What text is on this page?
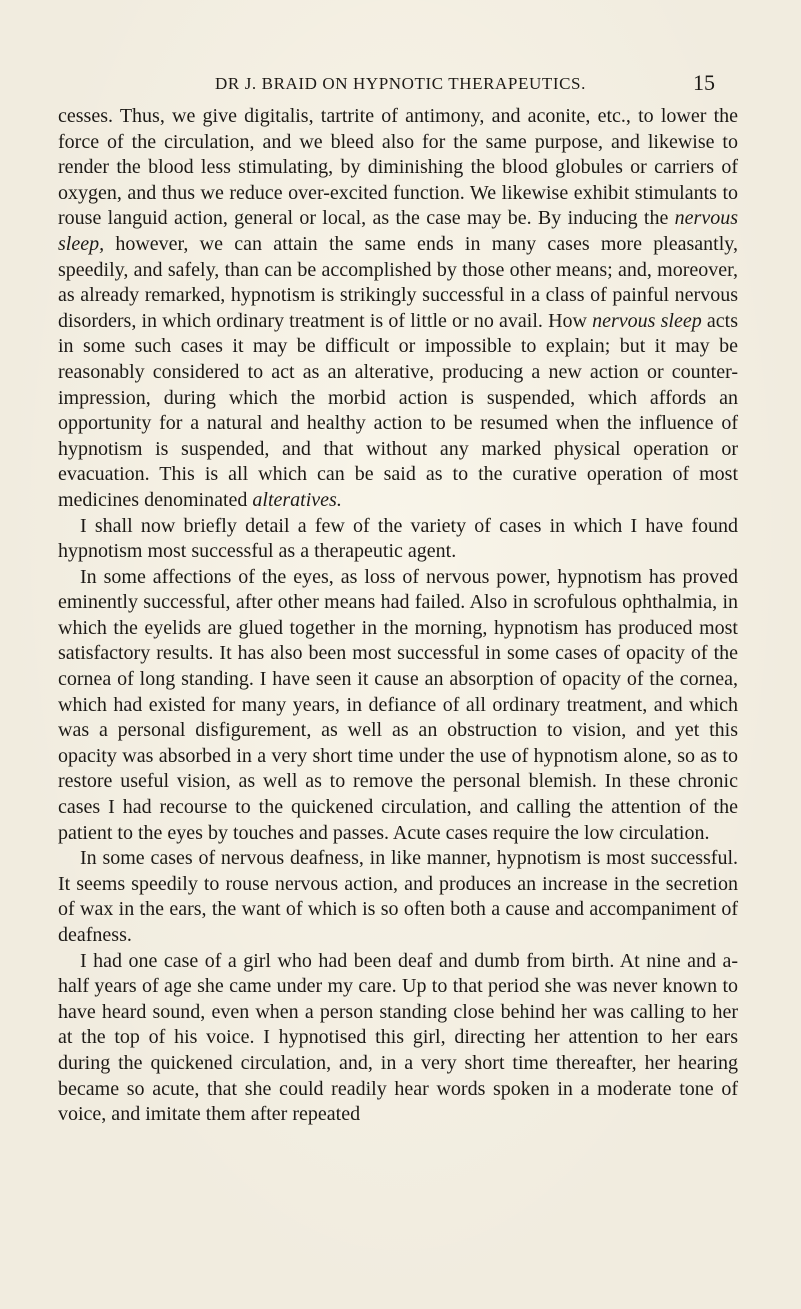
DR J. BRAID ON HYPNOTIC THERAPEUTICS.	15

cesses. Thus, we give digitalis, tartrite of antimony, and aconite, etc., to lower the force of the circulation, and we bleed also for the same purpose, and likewise to render the blood less stimulating, by diminishing the blood globules or carriers of oxygen, and thus we reduce over-excited function. We likewise exhibit stimulants to rouse languid action, general or local, as the case may be. By inducing the nervous sleep, however, we can attain the same ends in many cases more pleasantly, speedily, and safely, than can be accomplished by those other means; and, moreover, as already remarked, hypnotism is strikingly successful in a class of painful nervous disorders, in which ordinary treatment is of little or no avail. How nervous sleep acts in some such cases it may be difficult or impossible to explain; but it may be reasonably considered to act as an alterative, producing a new action or counter-impression, during which the morbid action is suspended, which affords an opportunity for a natural and healthy action to be resumed when the influence of hypnotism is suspended, and that without any marked physical operation or evacuation. This is all which can be said as to the curative operation of most medicines denominated alteratives.

I shall now briefly detail a few of the variety of cases in which I have found hypnotism most successful as a therapeutic agent.

In some affections of the eyes, as loss of nervous power, hypnotism has proved eminently successful, after other means had failed. Also in scrofulous ophthalmia, in which the eyelids are glued together in the morning, hypnotism has produced most satisfactory results. It has also been most successful in some cases of opacity of the cornea of long standing. I have seen it cause an absorption of opacity of the cornea, which had existed for many years, in defiance of all ordinary treatment, and which was a personal disfigurement, as well as an obstruction to vision, and yet this opacity was absorbed in a very short time under the use of hypnotism alone, so as to restore useful vision, as well as to remove the personal blemish. In these chronic cases I had recourse to the quickened circulation, and calling the attention of the patient to the eyes by touches and passes. Acute cases require the low circulation.

In some cases of nervous deafness, in like manner, hypnotism is most successful. It seems speedily to rouse nervous action, and produces an increase in the secretion of wax in the ears, the want of which is so often both a cause and accompaniment of deafness.

I had one case of a girl who had been deaf and dumb from birth. At nine and a-half years of age she came under my care. Up to that period she was never known to have heard sound, even when a person standing close behind her was calling to her at the top of his voice. I hypnotised this girl, directing her attention to her ears during the quickened circulation, and, in a very short time thereafter, her hearing became so acute, that she could readily hear words spoken in a moderate tone of voice, and imitate them after repeated
